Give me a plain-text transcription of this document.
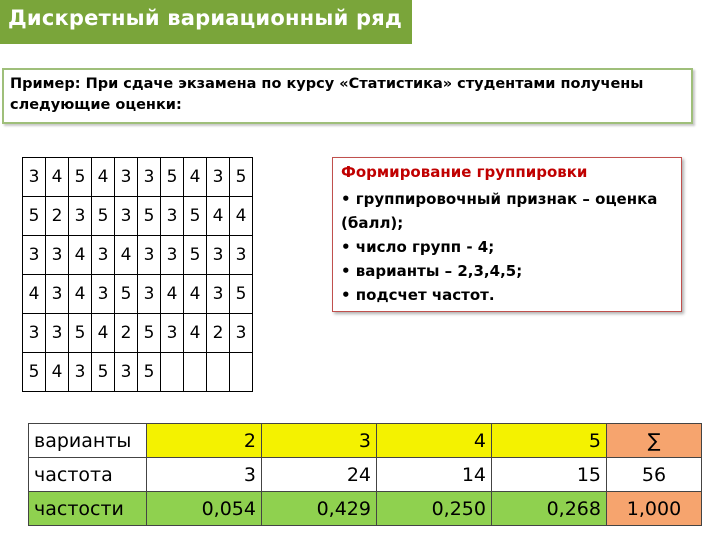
Дискретный вариационный ряд
Пример: При сдаче экзамена по курсу «Статистика» студентами получены
следующие оценки:
3	4	5	4	3	3	5	4	3	5
5	2	3	5	3	5	3	5	4	4
3	3	4	3	4	3	3	5	3	3
4	3	4	3	5	3	4	4	3	5
3	3	5	4	2	5	3	4	2	3
5	4	3	5	3	5				
Формирование группировки
• группировочный признак – оценка
(балл);
• число групп - 4;
• варианты – 2,3,4,5;
• подсчет частот.
варианты	2	3	4	5	∑
частота	3	24	14	15	56
частости	0,054	0,429	0,250	0,268	1,000
